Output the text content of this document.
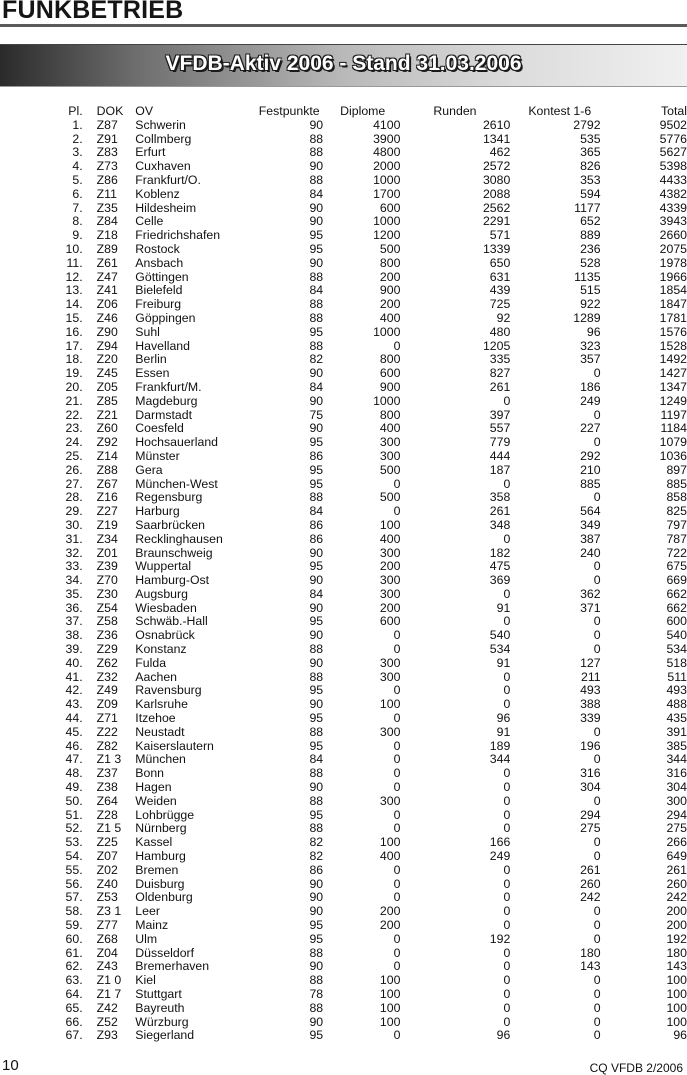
FUNKBETRIEB
VFDB-Aktiv 2006 - Stand 31.03.2006
Pl.	DOK	OV	Festpunkte	Diplome	Runden	Kontest 1-6	Total
1.	Z87	Schwerin	90	4100	2610	2792	9502
2.	Z91	Collmberg	88	3900	1341	535	5776
3.	Z83	Erfurt	88	4800	462	365	5627
4.	Z73	Cuxhaven	90	2000	2572	826	5398
5.	Z86	Frankfurt/O.	88	1000	3080	353	4433
6.	Z11	Koblenz	84	1700	2088	594	4382
7.	Z35	Hildesheim	90	600	2562	1177	4339
8.	Z84	Celle	90	1000	2291	652	3943
9.	Z18	Friedrichshafen	95	1200	571	889	2660
10.	Z89	Rostock	95	500	1339	236	2075
11.	Z61	Ansbach	90	800	650	528	1978
12.	Z47	Göttingen	88	200	631	1135	1966
13.	Z41	Bielefeld	84	900	439	515	1854
14.	Z06	Freiburg	88	200	725	922	1847
15.	Z46	Göppingen	88	400	92	1289	1781
16.	Z90	Suhl	95	1000	480	96	1576
17.	Z94	Havelland	88	0	1205	323	1528
18.	Z20	Berlin	82	800	335	357	1492
19.	Z45	Essen	90	600	827	0	1427
20.	Z05	Frankfurt/M.	84	900	261	186	1347
21.	Z85	Magdeburg	90	1000	0	249	1249
22.	Z21	Darmstadt	75	800	397	0	1197
23.	Z60	Coesfeld	90	400	557	227	1184
24.	Z92	Hochsauerland	95	300	779	0	1079
25.	Z14	Münster	86	300	444	292	1036
26.	Z88	Gera	95	500	187	210	897
27.	Z67	München-West	95	0	0	885	885
28.	Z16	Regensburg	88	500	358	0	858
29.	Z27	Harburg	84	0	261	564	825
30.	Z19	Saarbrücken	86	100	348	349	797
31.	Z34	Recklinghausen	86	400	0	387	787
32.	Z01	Braunschweig	90	300	182	240	722
33.	Z39	Wuppertal	95	200	475	0	675
34.	Z70	Hamburg-Ost	90	300	369	0	669
35.	Z30	Augsburg	84	300	0	362	662
36.	Z54	Wiesbaden	90	200	91	371	662
37.	Z58	Schwäb.-Hall	95	600	0	0	600
38.	Z36	Osnabrück	90	0	540	0	540
39.	Z29	Konstanz	88	0	534	0	534
40.	Z62	Fulda	90	300	91	127	518
41.	Z32	Aachen	88	300	0	211	511
42.	Z49	Ravensburg	95	0	0	493	493
43.	Z09	Karlsruhe	90	100	0	388	488
44.	Z71	Itzehoe	95	0	96	339	435
45.	Z22	Neustadt	88	300	91	0	391
46.	Z82	Kaiserslautern	95	0	189	196	385
47.	Z1 3	München	84	0	344	0	344
48.	Z37	Bonn	88	0	0	316	316
49.	Z38	Hagen	90	0	0	304	304
50.	Z64	Weiden	88	300	0	0	300
51.	Z28	Lohbrügge	95	0	0	294	294
52.	Z1 5	Nürnberg	88	0	0	275	275
53.	Z25	Kassel	82	100	166	0	266
54.	Z07	Hamburg	82	400	249	0	649
55.	Z02	Bremen	86	0	0	261	261
56.	Z40	Duisburg	90	0	0	260	260
57.	Z53	Oldenburg	90	0	0	242	242
58.	Z3 1	Leer	90	200	0	0	200
59.	Z77	Mainz	95	200	0	0	200
60.	Z68	Ulm	95	0	192	0	192
61.	Z04	Düsseldorf	88	0	0	180	180
62.	Z43	Bremerhaven	90	0	0	143	143
63.	Z1 0	Kiel	88	100	0	0	100
64.	Z1 7	Stuttgart	78	100	0	0	100
65.	Z42	Bayreuth	88	100	0	0	100
66.	Z52	Würzburg	90	100	0	0	100
67.	Z93	Siegerland	95	0	96	0	96
10	CQ VFDB 2/2006
